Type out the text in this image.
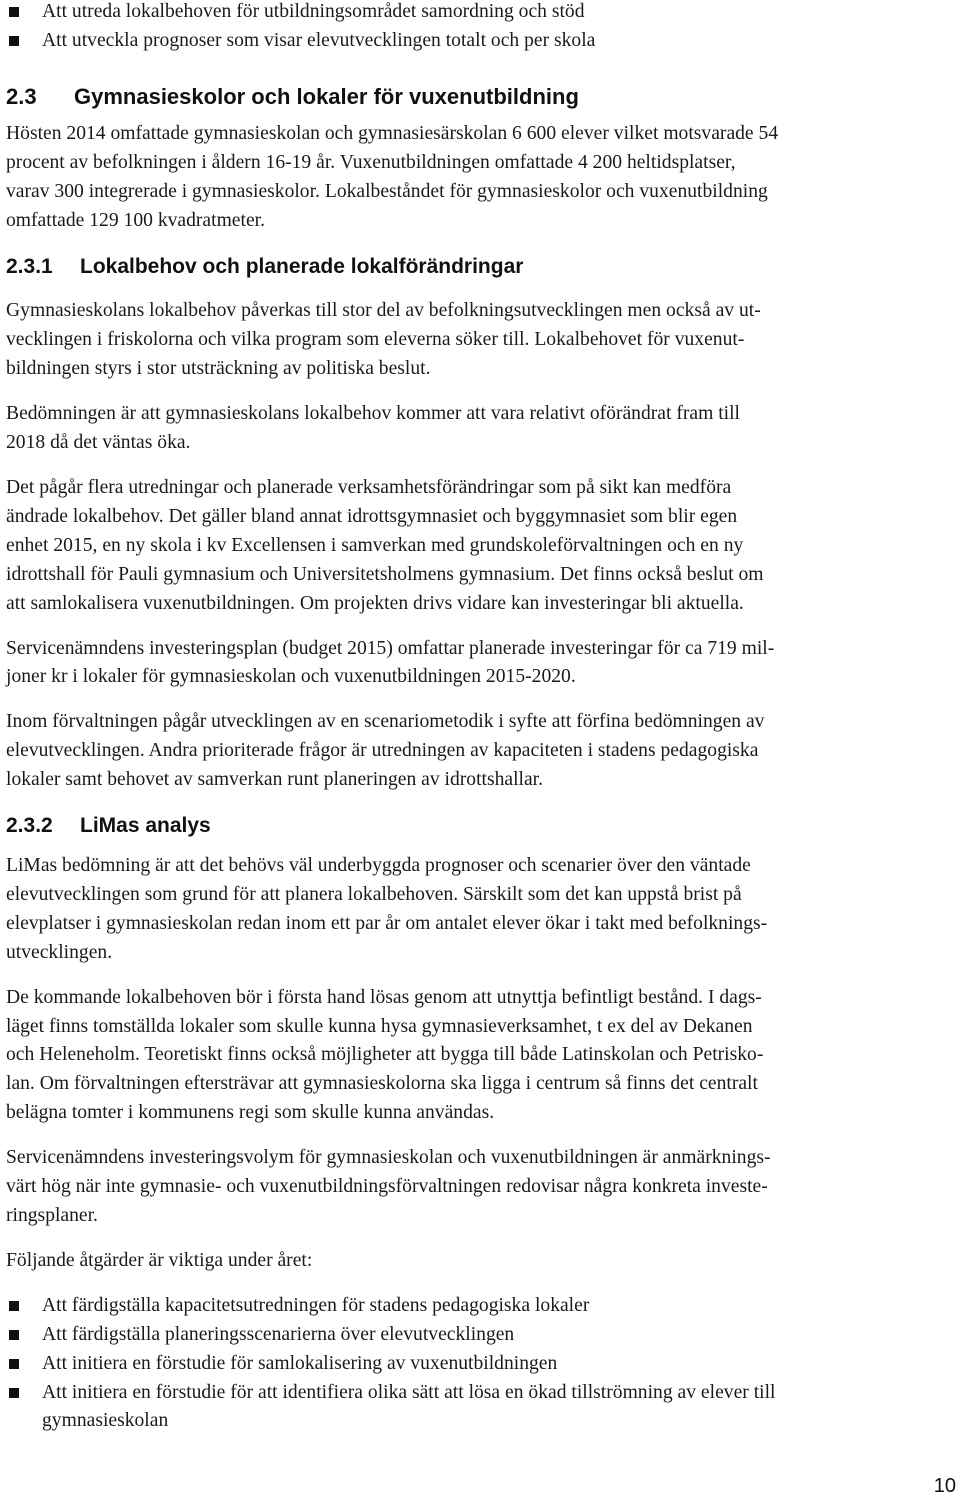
Att utreda lokalbehoven för utbildningsområdet samordning och stöd
Att utveckla prognoser som visar elevutvecklingen totalt och per skola
2.3 Gymnasieskolor och lokaler för vuxenutbildning

Hösten 2014 omfattade gymnasieskolan och gymnasiesärskolan 6 600 elever vilket motsvarade 54
procent av befolkningen i åldern 16-19 år. Vuxenutbildningen omfattade 4 200 heltidsplatser,
varav 300 integrerade i gymnasieskolor. Lokalbeståndet för gymnasieskolor och vuxenutbildning
omfattade 129 100 kvadratmeter.

2.3.1 Lokalbehov och planerade lokalförändringar

Gymnasieskolans lokalbehov påverkas till stor del av befolkningsutvecklingen men också av ut-
vecklingen i friskolorna och vilka program som eleverna söker till. Lokalbehovet för vuxenut-
bildningen styrs i stor utsträckning av politiska beslut.

Bedömningen är att gymnasieskolans lokalbehov kommer att vara relativt oförändrat fram till
2018 då det väntas öka.

Det pågår flera utredningar och planerade verksamhetsförändringar som på sikt kan medföra
ändrade lokalbehov. Det gäller bland annat idrottsgymnasiet och byggymnasiet som blir egen
enhet 2015, en ny skola i kv Excellensen i samverkan med grundskoleförvaltningen och en ny
idrottshall för Pauli gymnasium och Universitetsholmens gymnasium. Det finns också beslut om
att samlokalisera vuxenutbildningen. Om projekten drivs vidare kan investeringar bli aktuella.

Servicenämndens investeringsplan (budget 2015) omfattar planerade investeringar för ca 719 mil-
joner kr i lokaler för gymnasieskolan och vuxenutbildningen 2015-2020.

Inom förvaltningen pågår utvecklingen av en scenariometodik i syfte att förfina bedömningen av
elevutvecklingen. Andra prioriterade frågor är utredningen av kapaciteten i stadens pedagogiska
lokaler samt behovet av samverkan runt planeringen av idrottshallar.

2.3.2 LiMas analys

LiMas bedömning är att det behövs väl underbyggda prognoser och scenarier över den väntade
elevutvecklingen som grund för att planera lokalbehoven. Särskilt som det kan uppstå brist på
elevplatser i gymnasieskolan redan inom ett par år om antalet elever ökar i takt med befolknings-
utvecklingen.

De kommande lokalbehoven bör i första hand lösas genom att utnyttja befintligt bestånd. I dags-
läget finns tomställda lokaler som skulle kunna hysa gymnasieverksamhet, t ex del av Dekanen
och Heleneholm. Teoretiskt finns också möjligheter att bygga till både Latinskolan och Petrisko-
lan. Om förvaltningen eftersträvar att gymnasieskolorna ska ligga i centrum så finns det centralt
belägna tomter i kommunens regi som skulle kunna användas.

Servicenämndens investeringsvolym för gymnasieskolan och vuxenutbildningen är anmärknings-
värt hög när inte gymnasie- och vuxenutbildningsförvaltningen redovisar några konkreta investe-
ringsplaner.

Följande åtgärder är viktiga under året:

Att färdigställa kapacitetsutredningen för stadens pedagogiska lokaler
Att färdigställa planeringsscenarierna över elevutvecklingen
Att initiera en förstudie för samlokalisering av vuxenutbildningen
Att initiera en förstudie för att identifiera olika sätt att lösa en ökad tillströmning av elever till
gymnasieskolan
10
